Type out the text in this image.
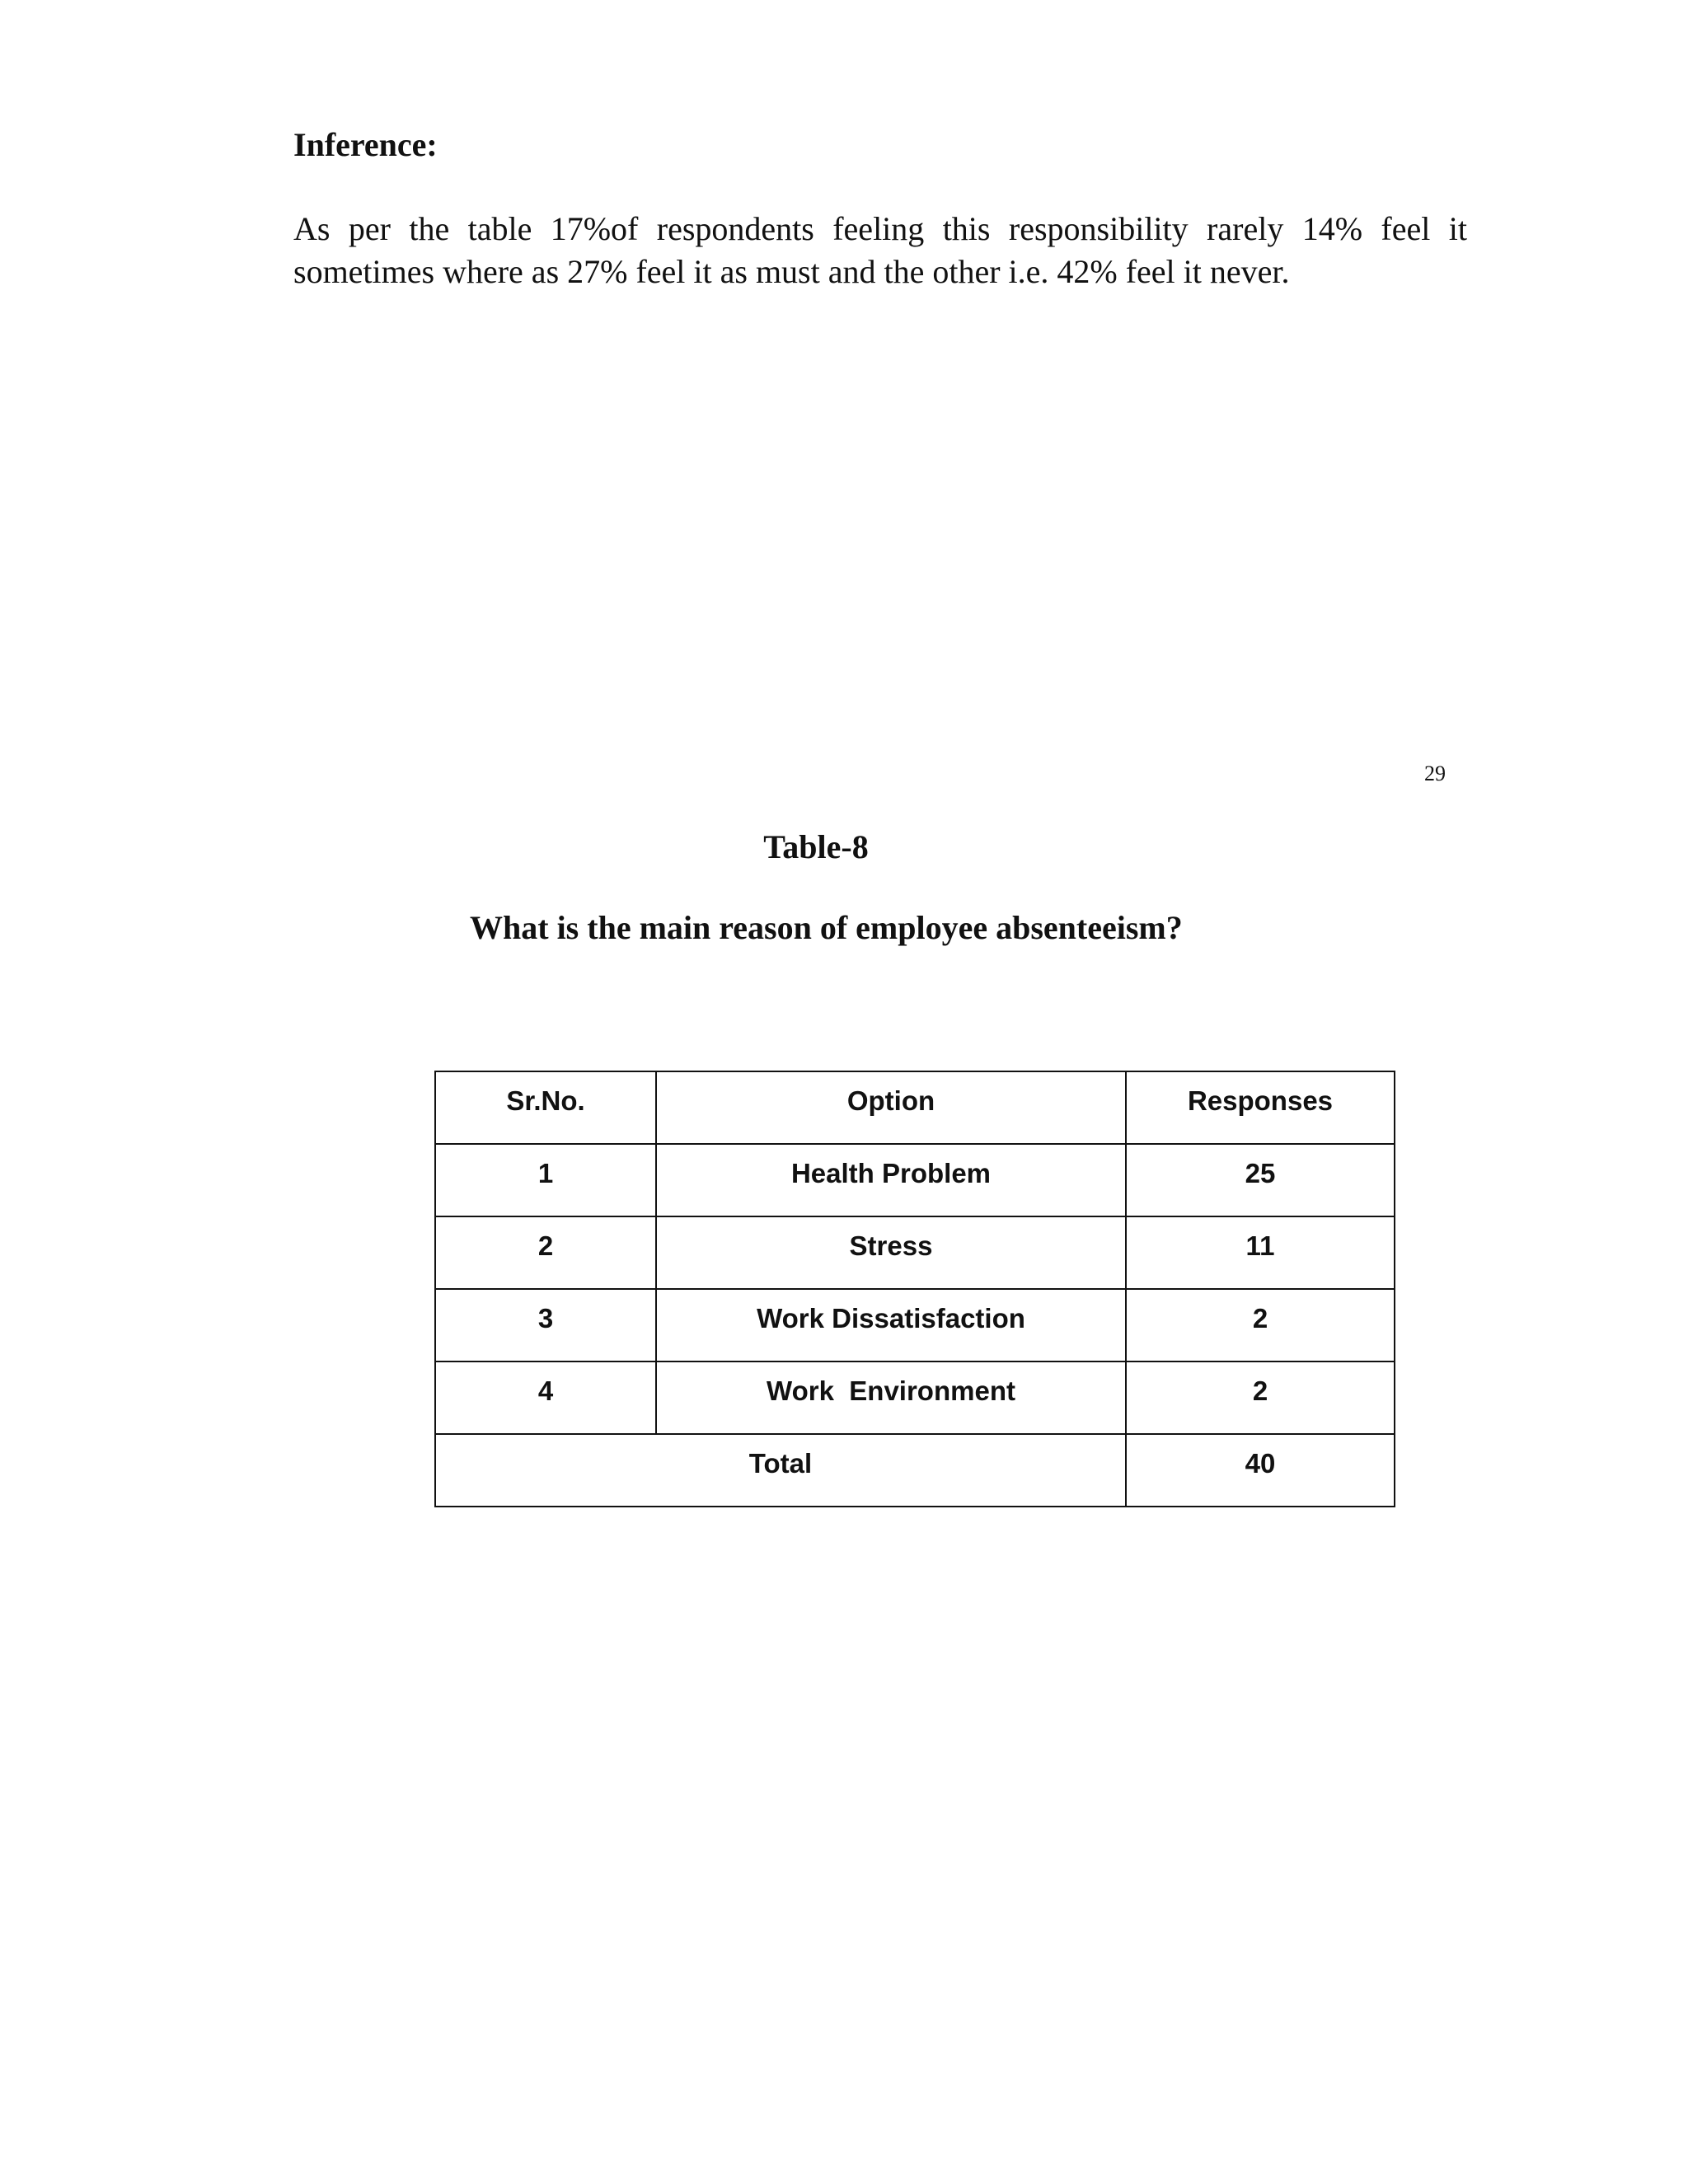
Inference:

As per the table 17%of respondents feeling this responsibility rarely 14% feel it sometimes where as 27% feel it as must and the other i.e. 42% feel it never.

29
Table-8
What is the main reason of employee absenteeism?
Sr.No.	Option	Responses
1	Health Problem	25
2	Stress	11
3	Work Dissatisfaction	2
4	Work  Environment	2
Total		40
